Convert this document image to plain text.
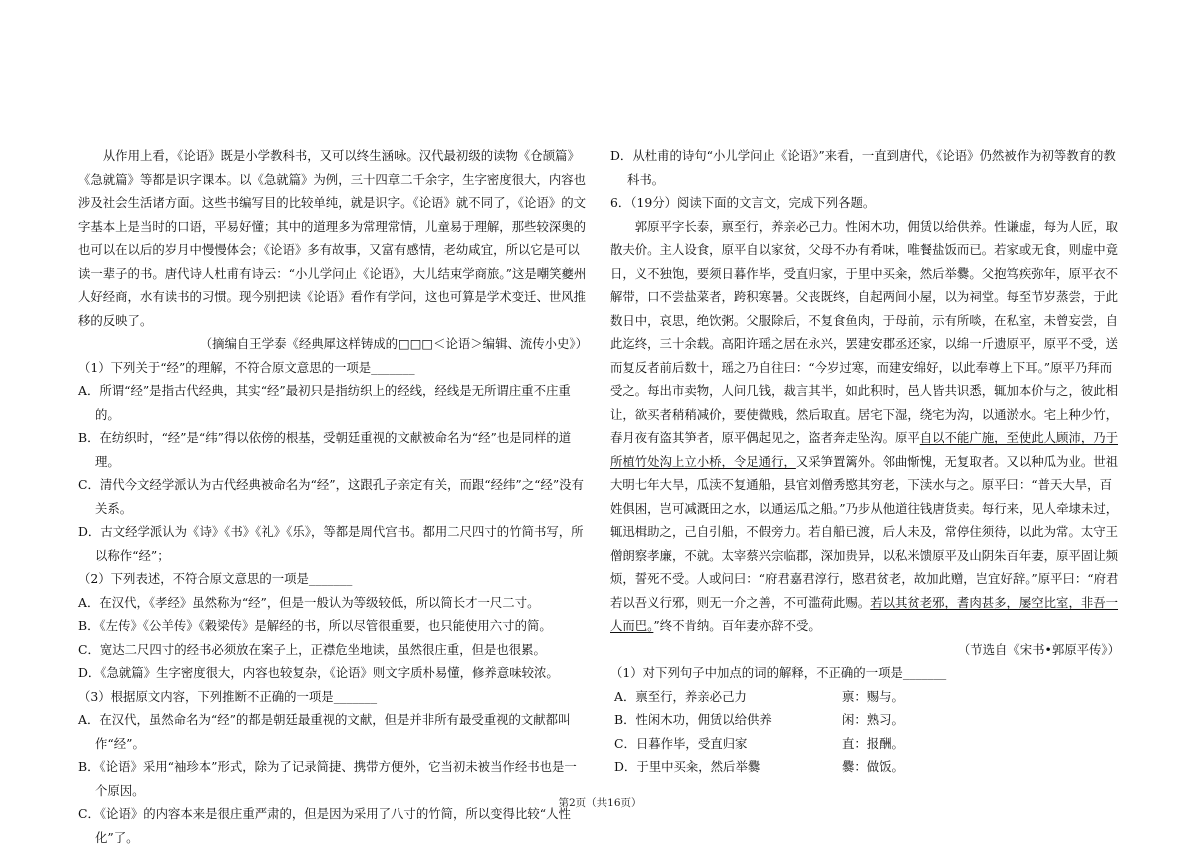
从作用上看，《论语》既是小学教科书，又可以终生涵咏。汉代最初级的读物《仓颉篇》《急就篇》等都是识字课本。以《急就篇》为例，三十四章二千余字，生字密度很大，内容也涉及社会生活诸方面。这些书编写目的比较单纯，就是识字。《论语》就不同了，《论语》的文字基本上是当时的口语，平易好懂；其中的道理多为常理常情，儿童易于理解，那些较深奥的也可以在以后的岁月中慢慢体会；《论语》多有故事，又富有感情，老幼咸宜，所以它是可以读一辈子的书。唐代诗人杜甫有诗云：“小儿学问止《论语》，大儿结束学商旅。”这是嘲笑夔州人好经商，水有读书的习惯。现今别把读《论语》看作有学问，这也可算是学术变迁、世风推移的反映了。

（摘编自王学泰《经典犀这样铸成的□□□＜论语＞编辑、流传小史》）

（1）下列关于“经”的理解，不符合原文意思的一项是_______

A．所谓“经”是指古代经典，其实“经”最初只是指纺织上的经线，经线是无所谓庄重不庄重的。

B．在纺织时，“经”是“纬”得以依傍的根基，受朝廷重视的文献被命名为“经”也是同样的道理。

C．清代今文经学派认为古代经典被命名为“经”，这跟孔子亲定有关，而跟“经纬”之“经”没有关系。

D．古文经学派认为《诗》《书》《礼》《乐》，等都是周代宫书。都用二尺四寸的竹简书写，所以称作“经”；

（2）下列表述，不符合原文意思的一项是_______

A．在汉代，《孝经》虽然称为“经”，但是一般认为等级较低，所以简长才一尺二寸。

B．《左传》《公羊传》《穀梁传》是解经的书，所以尽管很重要，也只能使用六寸的简。

C．宽达二尺四寸的经书必须放在案子上，正襟危坐地读，虽然很庄重，但是也很累。

D．《急就篇》生字密度很大，内容也较复杂，《论语》则文字质朴易懂，修养意味较浓。

（3）根据原文内容，下列推断不正确的一项是_______

A．在汉代，虽然命名为“经”的都是朝廷最重视的文献，但是并非所有最受重视的文献都叫作“经”。

B．《论语》采用“袖珍本”形式，除为了记录简捷、携带方便外，它当初未被当作经书也是一个原因。

C．《论语》的内容本来是很庄重严肃的，但是因为采用了八寸的竹简，所以变得比较“人性化”了。

D．从杜甫的诗句“小儿学问止《论语》”来看，一直到唐代，《论语》仍然被作为初等教育的教科书。

6．（19分）阅读下面的文言文，完成下列各题。

郭原平字长泰，禀至行，养亲必己力。性闲木功，佣赁以给供养。性谦虚，每为人匠，取散夫价。主人设食，原平自以家贫，父母不办有肴味，唯餐盐饭而已。若家或无食，则虚中竟日，义不独饱，要须日暮作毕，受直归家，于里中买籴，然后举爨。父抱笃疾弥年，原平衣不解带，口不尝盐菜者，跨积寒暑。父丧既终，自起两间小屋，以为祠堂。每至节岁蒸尝，于此数日中，哀思，绝饮粥。父服除后，不复食鱼肉，于母前，示有所啖，在私室，未曾妄尝，自此迄终，三十余载。高阳许瑶之居在永兴，罢建安郡丞还家，以绵一斤遗原平，原平不受，送而复反者前后数十，瑶之乃自往曰：“今岁过寒，而建安绵好，以此奉尊上下耳。”原平乃拜而受之。每出市卖物，人问几钱，裁言其半，如此积时，邑人皆共识悉，辄加本价与之，彼此相让，欲买者稍稍减价，要使微贱，然后取直。居宅下湿，绕宅为沟，以通淤水。宅上种少竹，春月夜有盗其笋者，原平偶起见之，盗者奔走坠沟。原平自以不能广施，至使此人顾沛，乃于所植竹处沟上立小桥，令足通行，又采笋置篱外。邻曲惭愧，无复取者。又以种瓜为业。世祖大明七年大旱，瓜渎不复通船，县官刘僧秀愍其穷老，下渎水与之。原平曰：“普天大旱，百姓俱困，岂可减溉田之水，以通运瓜之船。”乃步从他道往钱唐货卖。每行来，见人牵埭未过，辄迅楫助之，己自引船，不假旁力。若自船已渡，后人未及，常停住须待，以此为常。太守王僧朗察孝廉，不就。太宰蔡兴宗临郡，深加贵异，以私米馈原平及山阴朱百年妻，原平固让频烦，誓死不受。人或问曰：“府君嘉君淳行，愍君贫老，故加此赠，岂宜好辞。”原平曰：“府君若以吾义行邪，则无一介之善，不可滥荷此赐。若以其贫老邪，耆肉甚多，屡空比室，非吾一人而巴。”终不肯纳。百年妻亦辞不受。

（节选自《宋书•郭原平传》）

（1）对下列句子中加点的词的解释，不正确的一项是_______

A．禀至行，养亲必己力	禀：赐与。
B．性闲木功，佣赁以给供养	闲：熟习。
C．日暮作毕，受直归家	直：报酬。
D．于里中买籴，然后举爨	爨：做饭。
第2页（共16页）
